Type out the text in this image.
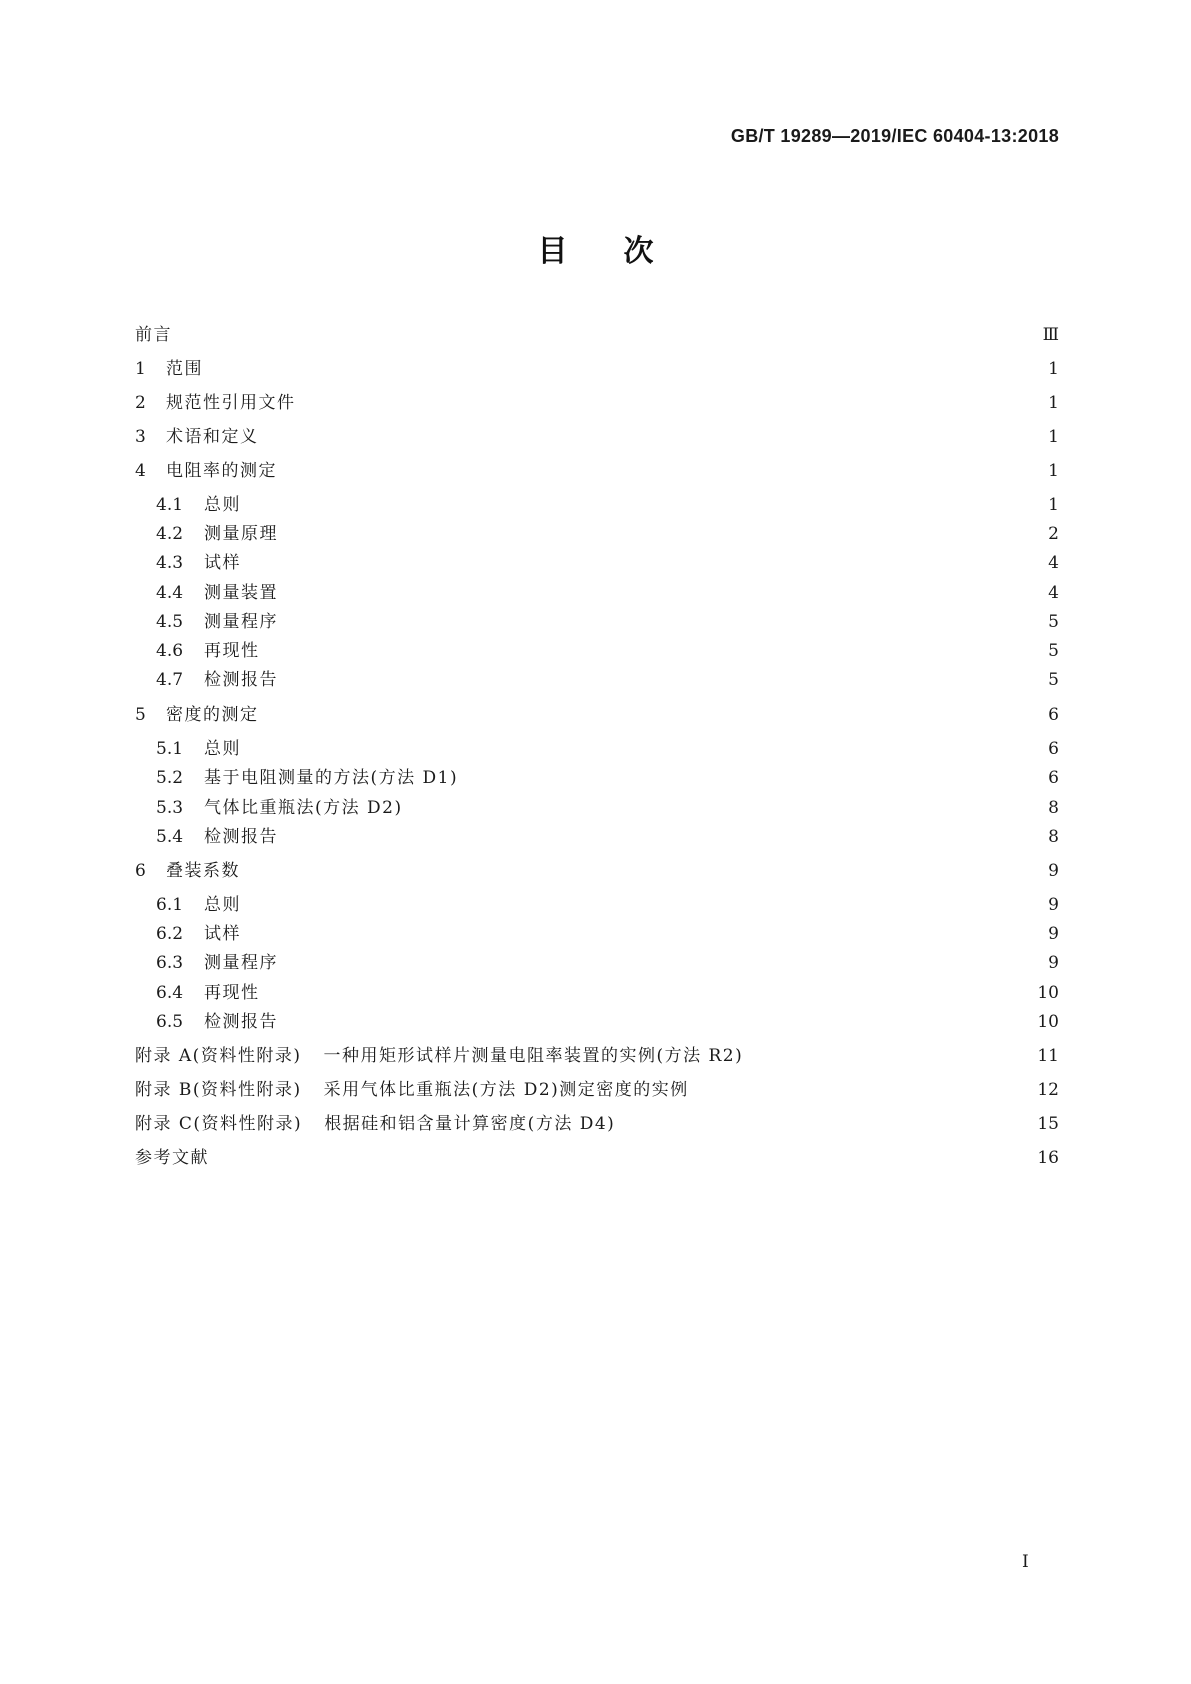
GB/T 19289—2019/IEC 60404-13:2018
目次
前言	Ⅲ
1	范围	1
2	规范性引用文件	1
3	术语和定义	1
4	电阻率的测定	1
4.1	总则	1
4.2	测量原理	2
4.3	试样	4
4.4	测量装置	4
4.5	测量程序	5
4.6	再现性	5
4.7	检测报告	5
5	密度的测定	6
5.1	总则	6
5.2	基于电阻测量的方法(方法 D1)	6
5.3	气体比重瓶法(方法 D2)	8
5.4	检测报告	8
6	叠装系数	9
6.1	总则	9
6.2	试样	9
6.3	测量程序	9
6.4	再现性	10
6.5	检测报告	10
附录 A(资料性附录) 一种用矩形试样片测量电阻率装置的实例(方法 R2)	11
附录 B(资料性附录) 采用气体比重瓶法(方法 D2)测定密度的实例	12
附录 C(资料性附录) 根据硅和铝含量计算密度(方法 D4)	15
参考文献	16
I
